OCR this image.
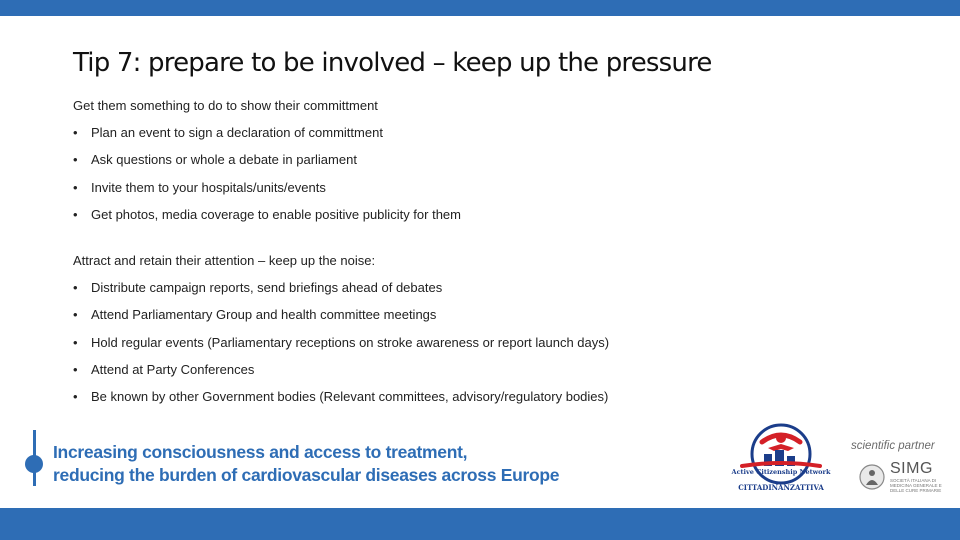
Tip 7: prepare to be involved – keep up the pressure
Get them something to do to show their committment
• Plan an event to sign a declaration of committment
• Ask questions or whole a debate in parliament
• Invite them to your hospitals/units/events
• Get photos, media coverage to enable positive publicity for them
Attract and retain their attention – keep up the noise:
• Distribute campaign reports, send briefings ahead of debates
• Attend Parliamentary Group and health committee meetings
• Hold regular events (Parliamentary receptions on stroke awareness or report launch days)
• Attend at Party Conferences
• Be known by other Government bodies (Relevant committees, advisory/regulatory bodies)
Increasing consciousness and access to treatment,
reducing the burden of cardiovascular diseases across Europe	Active Citizenship Network
CITTADINANZATTIVA
scientific partner
SIMG
SOCIETÀ ITALIANA DI MEDICINA GENERALE E DELLE CURE PRIMARIE
